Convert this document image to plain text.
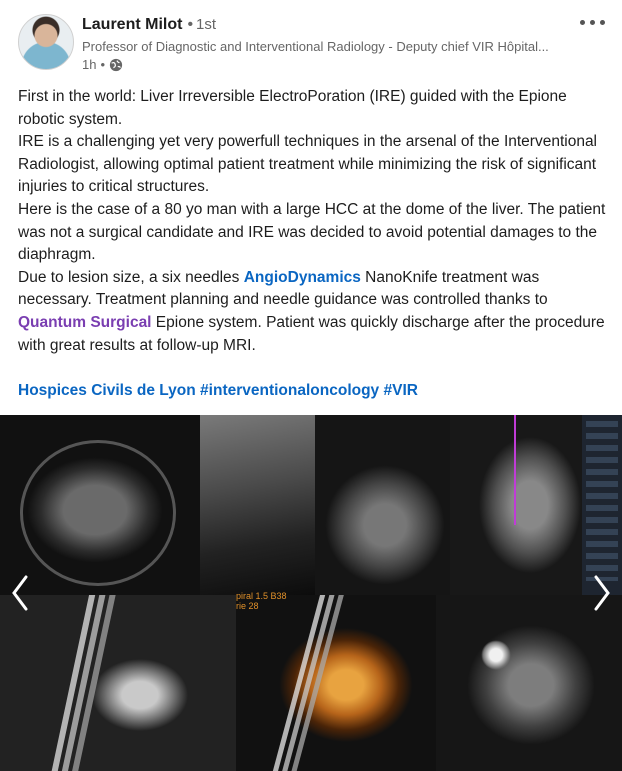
Laurent Milot • 1st
Professor of Diagnostic and Interventional Radiology - Deputy chief VIR Hôpital...
1h •

First in the world: Liver Irreversible ElectroPoration (IRE) guided with the Epione robotic system.

IRE is a challenging yet very powerfull techniques in the arsenal of the Interventional Radiologist, allowing optimal patient treatment while minimizing the risk of significant injuries to critical structures.

Here is the case of a 80 yo man with a large HCC at the dome of the liver. The patient was not a surgical candidate and IRE was decided to avoid potential damages to the diaphragm.

Due to lesion size, a six needles AngioDynamics NanoKnife treatment was necessary. Treatment planning and needle guidance was controlled thanks to Quantum Surgical Epione system. Patient was quickly discharge after the procedure with great results at follow-up MRI.

Hospices Civils de Lyon #interventionaloncology #VIR

piral 1.5 B38
rie 28
